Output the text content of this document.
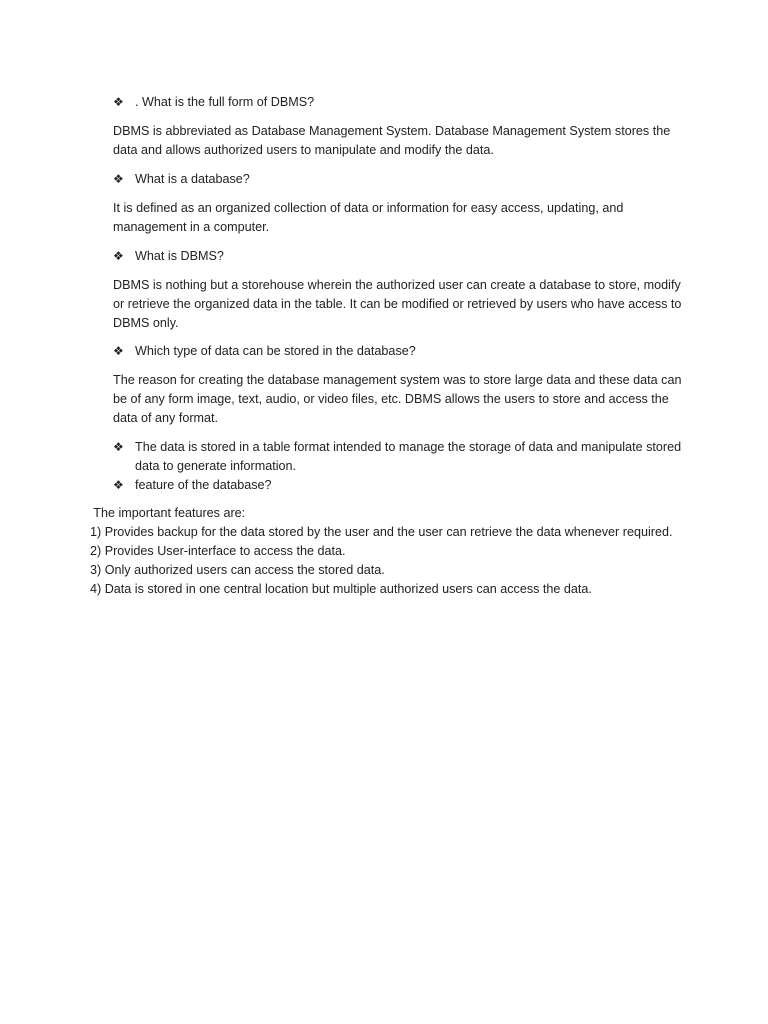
❖ . What is the full form of DBMS?

DBMS is abbreviated as Database Management System. Database Management System stores the data and allows authorized users to manipulate and modify the data.

❖ What is a database?

It is defined as an organized collection of data or information for easy access, updating, and management in a computer.

❖ What is DBMS?

DBMS is nothing but a storehouse wherein the authorized user can create a database to store, modify or retrieve the organized data in the table. It can be modified or retrieved by users who have access to DBMS only.

❖ Which type of data can be stored in the database?

The reason for creating the database management system was to store large data and these data can be of any form image, text, audio, or video files, etc. DBMS allows the users to store and access the data of any format.

❖ The data is stored in a table format intended to manage the storage of data and manipulate stored data to generate information.
❖ feature of the database?
The important features are:
1) Provides backup for the data stored by the user and the user can retrieve the data whenever required.
2) Provides User-interface to access the data.
3) Only authorized users can access the stored data.
4) Data is stored in one central location but multiple authorized users can access the data.
